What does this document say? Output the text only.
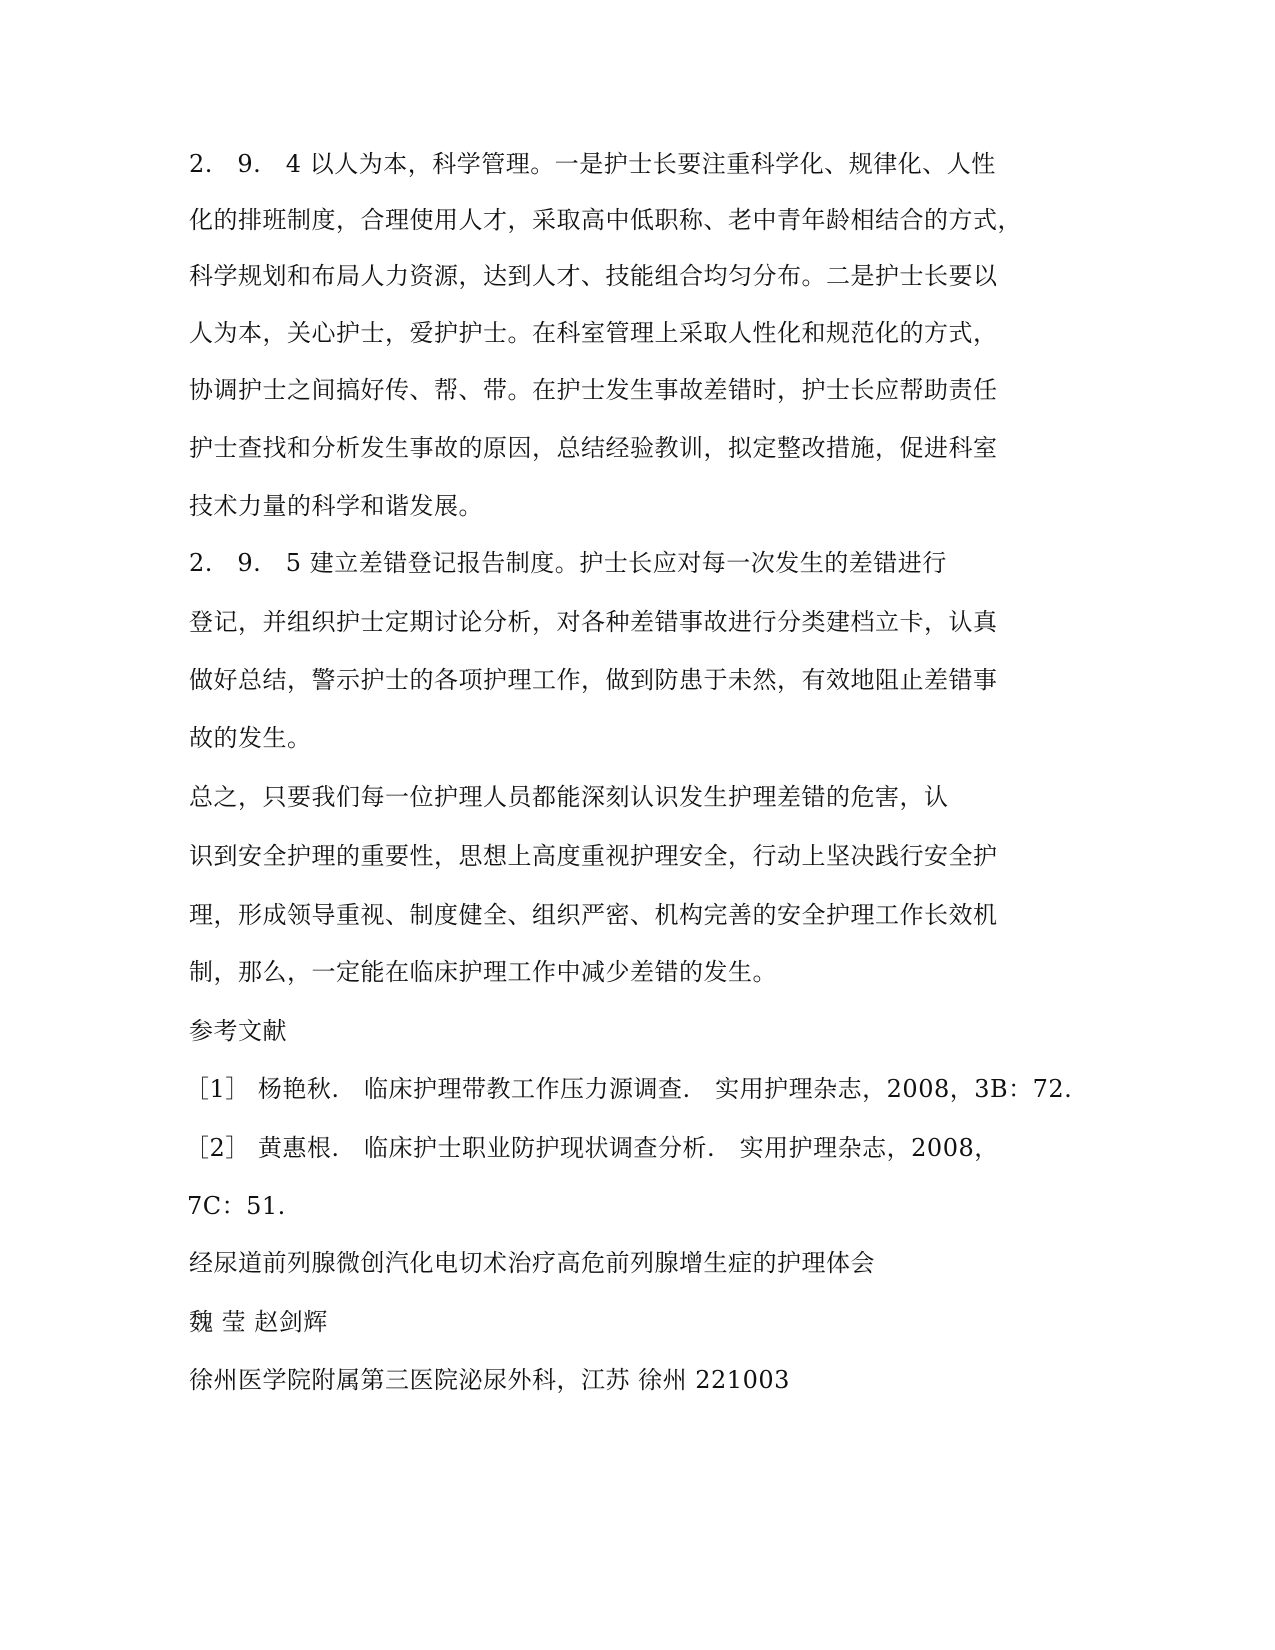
2.　9.　4 以人为本，科学管理。一是护士长要注重科学化、规律化、人性
化的排班制度，合理使用人才，采取高中低职称、老中青年龄相结合的方式，
科学规划和布局人力资源，达到人才、技能组合均匀分布。二是护士长要以
人为本，关心护士，爱护护士。在科室管理上采取人性化和规范化的方式，
协调护士之间搞好传、帮、带。在护士发生事故差错时，护士长应帮助责任
护士查找和分析发生事故的原因，总结经验教训，拟定整改措施，促进科室
技术力量的科学和谐发展。
2.　9.　5 建立差错登记报告制度。护士长应对每一次发生的差错进行
登记，并组织护士定期讨论分析，对各种差错事故进行分类建档立卡，认真
做好总结，警示护士的各项护理工作，做到防患于未然，有效地阻止差错事
故的发生。
总之，只要我们每一位护理人员都能深刻认识发生护理差错的危害，认
识到安全护理的重要性，思想上高度重视护理安全，行动上坚决践行安全护
理，形成领导重视、制度健全、组织严密、机构完善的安全护理工作长效机
制，那么，一定能在临床护理工作中减少差错的发生。
参考文献
［1］ 杨艳秋.　临床护理带教工作压力源调查.　实用护理杂志，2008，3B：72.
［2］ 黄惠根.　临床护士职业防护现状调查分析.　实用护理杂志，2008，
7C：51.
经尿道前列腺微创汽化电切术治疗高危前列腺增生症的护理体会
魏 莹 赵剑辉
徐州医学院附属第三医院泌尿外科，江苏 徐州 221003
